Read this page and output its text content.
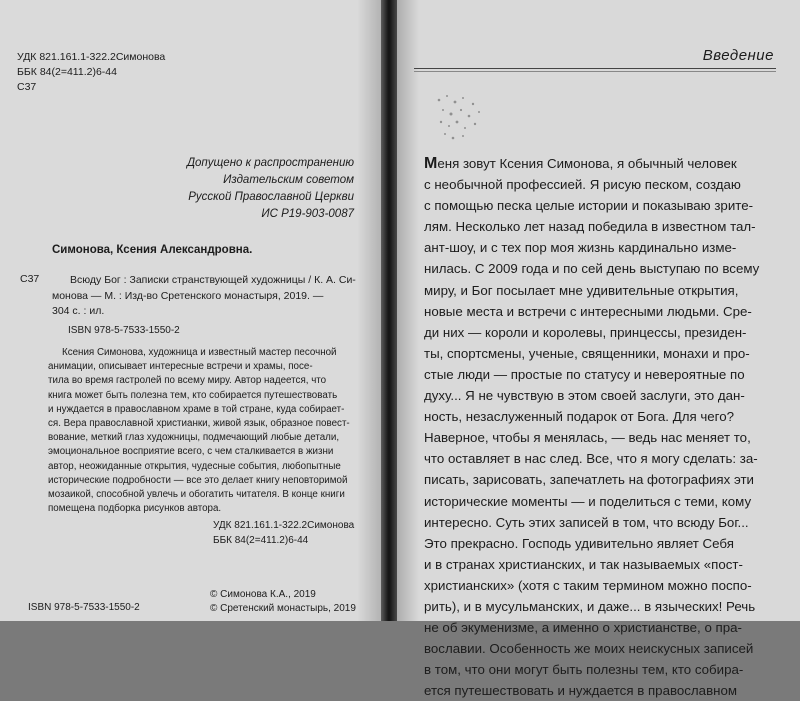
УДК 821.161.1-322.2Симонова
ББК 84(2=411.2)6-44
С37
Допущено к распространению
Издательским советом
Русской Православной Церкви
ИС Р19-903-0087
Симонова, Ксения Александровна.
С37	Всюду Бог : Записки странствующей художницы / К. А. Си-
монова — М. : Изд-во Сретенского монастыря, 2019. —
304 с. : ил.
ISBN 978-5-7533-1550-2
Ксения Симонова, художница и известный мастер песочной
анимации, описывает интересные встречи и храмы, посе-
тила во время гастролей по всему миру. Автор надеется, что
книга может быть полезна тем, кто собирается путешествовать
и нуждается в православном храме в той стране, куда собирает-
ся. Вера православной христианки, живой язык, образное повест-
вование, меткий глаз художницы, подмечающий любые детали,
эмоциональное восприятие всего, с чем сталкивается в жизни
автор, неожиданные открытия, чудесные события, любопытные
исторические подробности — все это делает книгу неповторимой
мозаикой, способной увлечь и обогатить читателя. В конце книги
помещена подборка рисунков автора.
УДК 821.161.1-322.2Симонова
ББК 84(2=411.2)6-44
ISBN 978-5-7533-1550-2
© Симонова К.А., 2019
© Сретенский монастырь, 2019
Введение
Меня зовут Ксения Симонова, я обычный человек
с необычной профессией. Я рисую песком, создаю
с помощью песка целые истории и показываю зрите-
лям. Несколько лет назад победила в известном тал-
ант-шоу, и с тех пор моя жизнь кардинально изме-
нилась. С 2009 года и по сей день выступаю по всему
миру, и Бог посылает мне удивительные открытия,
новые места и встречи с интересными людьми. Сре-
ди них — короли и королевы, принцессы, президен-
ты, спортсмены, ученые, священники, монахи и про-
стые люди — простые по статусу и невероятные по
духу... Я не чувствую в этом своей заслуги, это дан-
ность, незаслуженный подарок от Бога. Для чего?
Наверное, чтобы я менялась, — ведь нас меняет то,
что оставляет в нас след. Все, что я могу сделать: за-
писать, зарисовать, запечатлеть на фотографиях эти
исторические моменты — и поделиться с теми, кому
интересно. Суть этих записей в том, что всюду Бог...
Это прекрасно. Господь удивительно являет Себя
и в странах христианских, и так называемых «пост-
христианских» (хотя с таким термином можно поспо-
рить), и в мусульманских, и даже... в языческих! Речь
не об экуменизме, а именно о христианстве, о пра-
вославии. Особенность же моих неискусных записей
в том, что они могут быть полезны тем, кто собира-
ется путешествовать и нуждается в православном
